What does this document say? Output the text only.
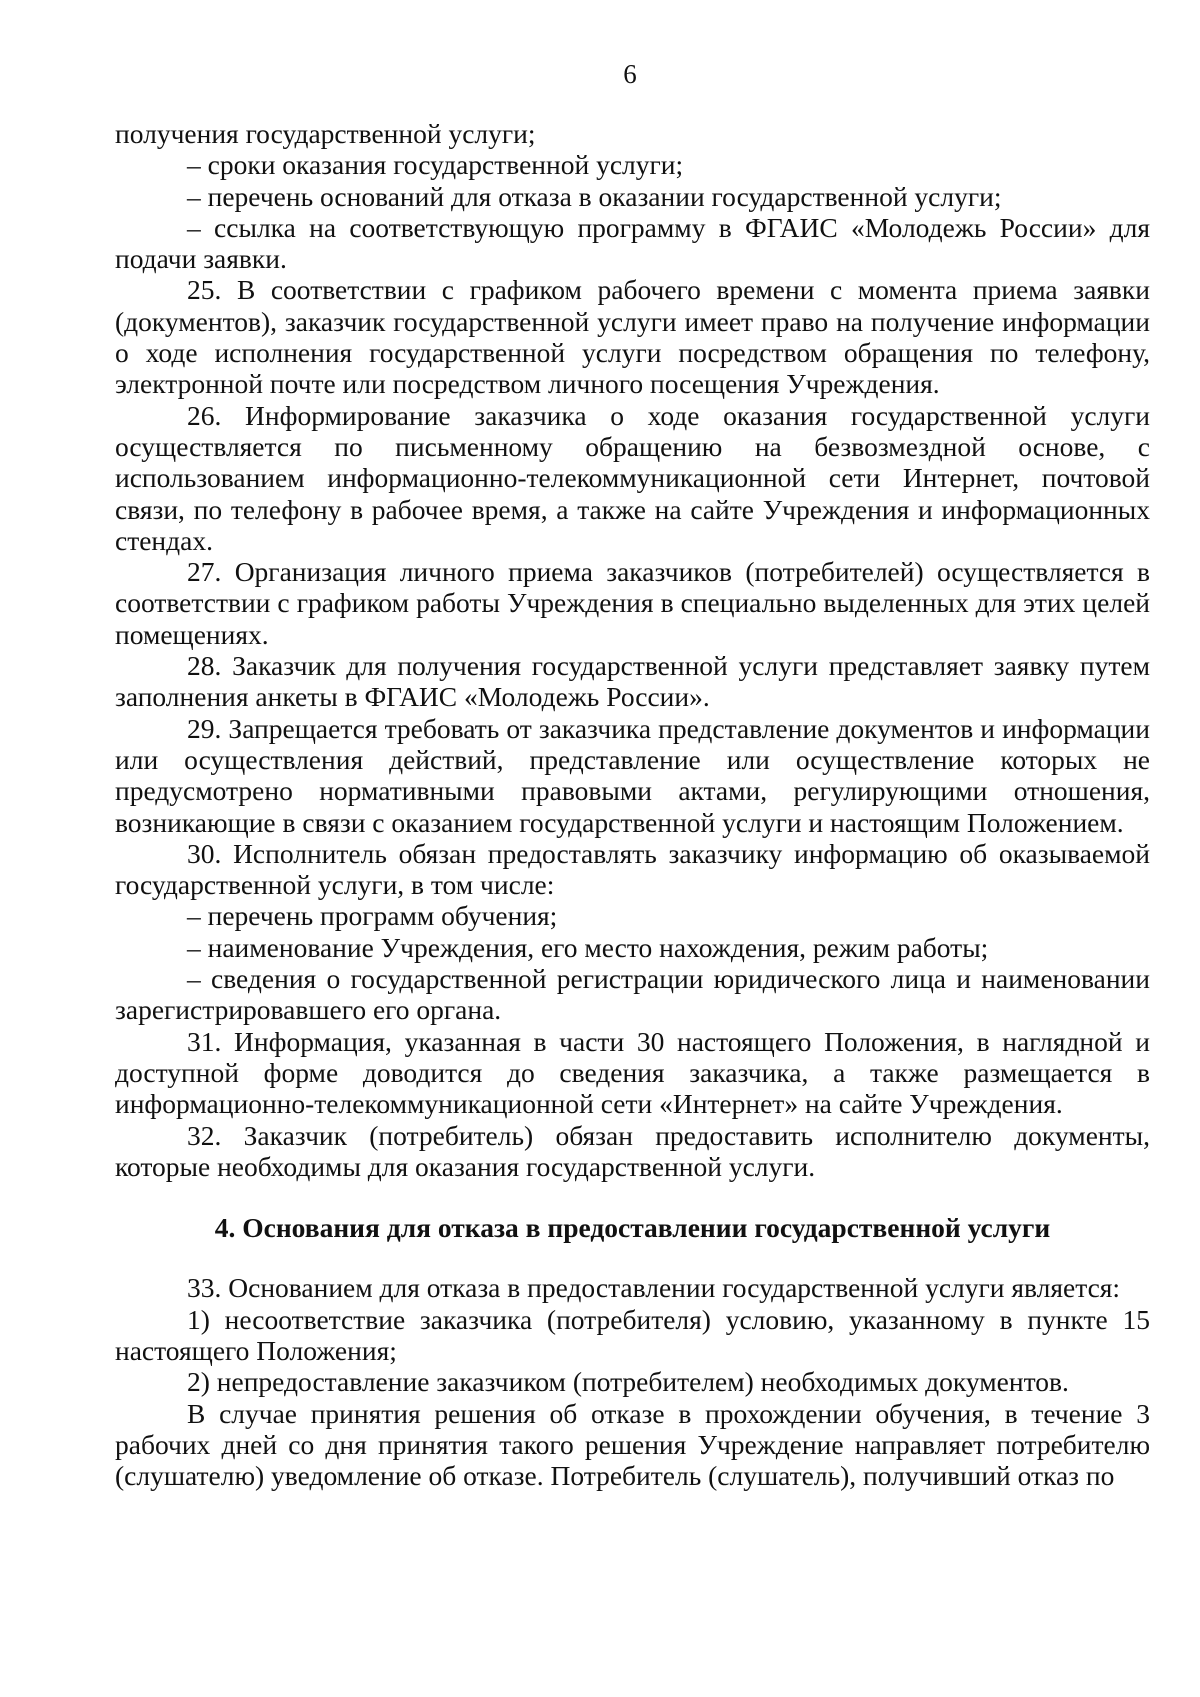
6

получения государственной услуги;

– сроки оказания государственной услуги;

– перечень оснований для отказа в оказании государственной услуги;

– ссылка на соответствующую программу в ФГАИС «Молодежь России» для подачи заявки.

25. В соответствии с графиком рабочего времени с момента приема заявки (документов), заказчик государственной услуги имеет право на получение информации о ходе исполнения государственной услуги посредством обращения по телефону, электронной почте или посредством личного посещения Учреждения.

26. Информирование заказчика о ходе оказания государственной услуги осуществляется по письменному обращению на безвозмездной основе, с использованием информационно-телекоммуникационной сети Интернет, почтовой связи, по телефону в рабочее время, а также на сайте Учреждения и информационных стендах.

27. Организация личного приема заказчиков (потребителей) осуществляется в соответствии с графиком работы Учреждения в специально выделенных для этих целей помещениях.

28. Заказчик для получения государственной услуги представляет заявку путем заполнения анкеты в ФГАИС «Молодежь России».

29. Запрещается требовать от заказчика представление документов и информации или осуществления действий, представление или осуществление которых не предусмотрено нормативными правовыми актами, регулирующими отношения, возникающие в связи с оказанием государственной услуги и настоящим Положением.

30. Исполнитель обязан предоставлять заказчику информацию об оказываемой государственной услуги, в том числе:

– перечень программ обучения;

– наименование Учреждения, его место нахождения, режим работы;

– сведения о государственной регистрации юридического лица и наименовании зарегистрировавшего его органа.

31. Информация, указанная в части 30 настоящего Положения, в наглядной и доступной форме доводится до сведения заказчика, а также размещается в информационно-телекоммуникационной сети «Интернет» на сайте Учреждения.

32. Заказчик (потребитель) обязан предоставить исполнителю документы, которые необходимы для оказания государственной услуги.

4. Основания для отказа в предоставлении государственной услуги

33. Основанием для отказа в предоставлении государственной услуги является:

1) несоответствие заказчика (потребителя) условию, указанному в пункте 15 настоящего Положения;

2) непредоставление заказчиком (потребителем) необходимых документов.

В случае принятия решения об отказе в прохождении обучения, в течение 3 рабочих дней со дня принятия такого решения Учреждение направляет потребителю (слушателю) уведомление об отказе. Потребитель (слушатель), получивший отказ по
